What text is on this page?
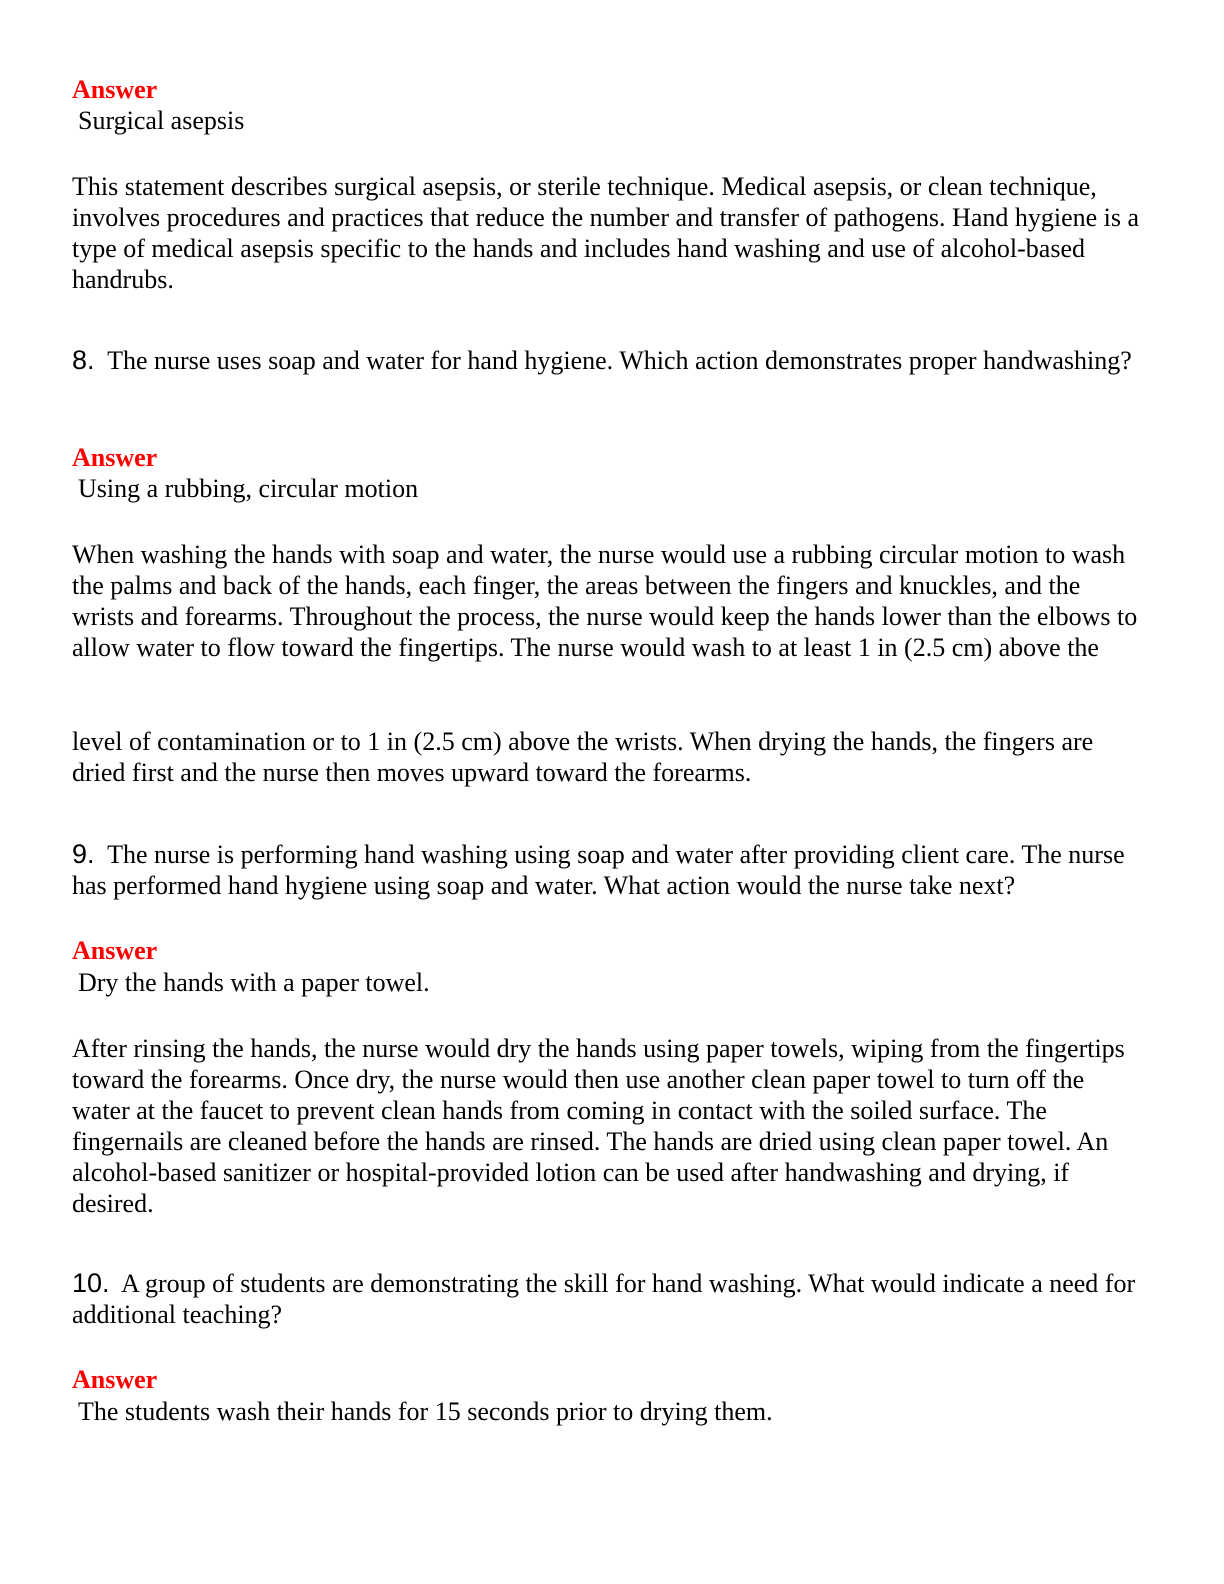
Answer
Surgical asepsis
This statement describes surgical asepsis, or sterile technique. Medical asepsis, or clean technique, involves procedures and practices that reduce the number and transfer of pathogens. Hand hygiene is a type of medical asepsis specific to the hands and includes hand washing and use of alcohol-based handrubs.
8. The nurse uses soap and water for hand hygiene. Which action demonstrates proper handwashing?
Answer
Using a rubbing, circular motion
When washing the hands with soap and water, the nurse would use a rubbing circular motion to wash the palms and back of the hands, each finger, the areas between the fingers and knuckles, and the wrists and forearms. Throughout the process, the nurse would keep the hands lower than the elbows to allow water to flow toward the fingertips. The nurse would wash to at least 1 in (2.5 cm) above the
level of contamination or to 1 in (2.5 cm) above the wrists. When drying the hands, the fingers are dried first and the nurse then moves upward toward the forearms.
9. The nurse is performing hand washing using soap and water after providing client care. The nurse has performed hand hygiene using soap and water. What action would the nurse take next?
Answer
Dry the hands with a paper towel.
After rinsing the hands, the nurse would dry the hands using paper towels, wiping from the fingertips toward the forearms. Once dry, the nurse would then use another clean paper towel to turn off the water at the faucet to prevent clean hands from coming in contact with the soiled surface. The fingernails are cleaned before the hands are rinsed. The hands are dried using clean paper towel. An alcohol-based sanitizer or hospital-provided lotion can be used after handwashing and drying, if desired.
10. A group of students are demonstrating the skill for hand washing. What would indicate a need for additional teaching?
Answer
The students wash their hands for 15 seconds prior to drying them.
